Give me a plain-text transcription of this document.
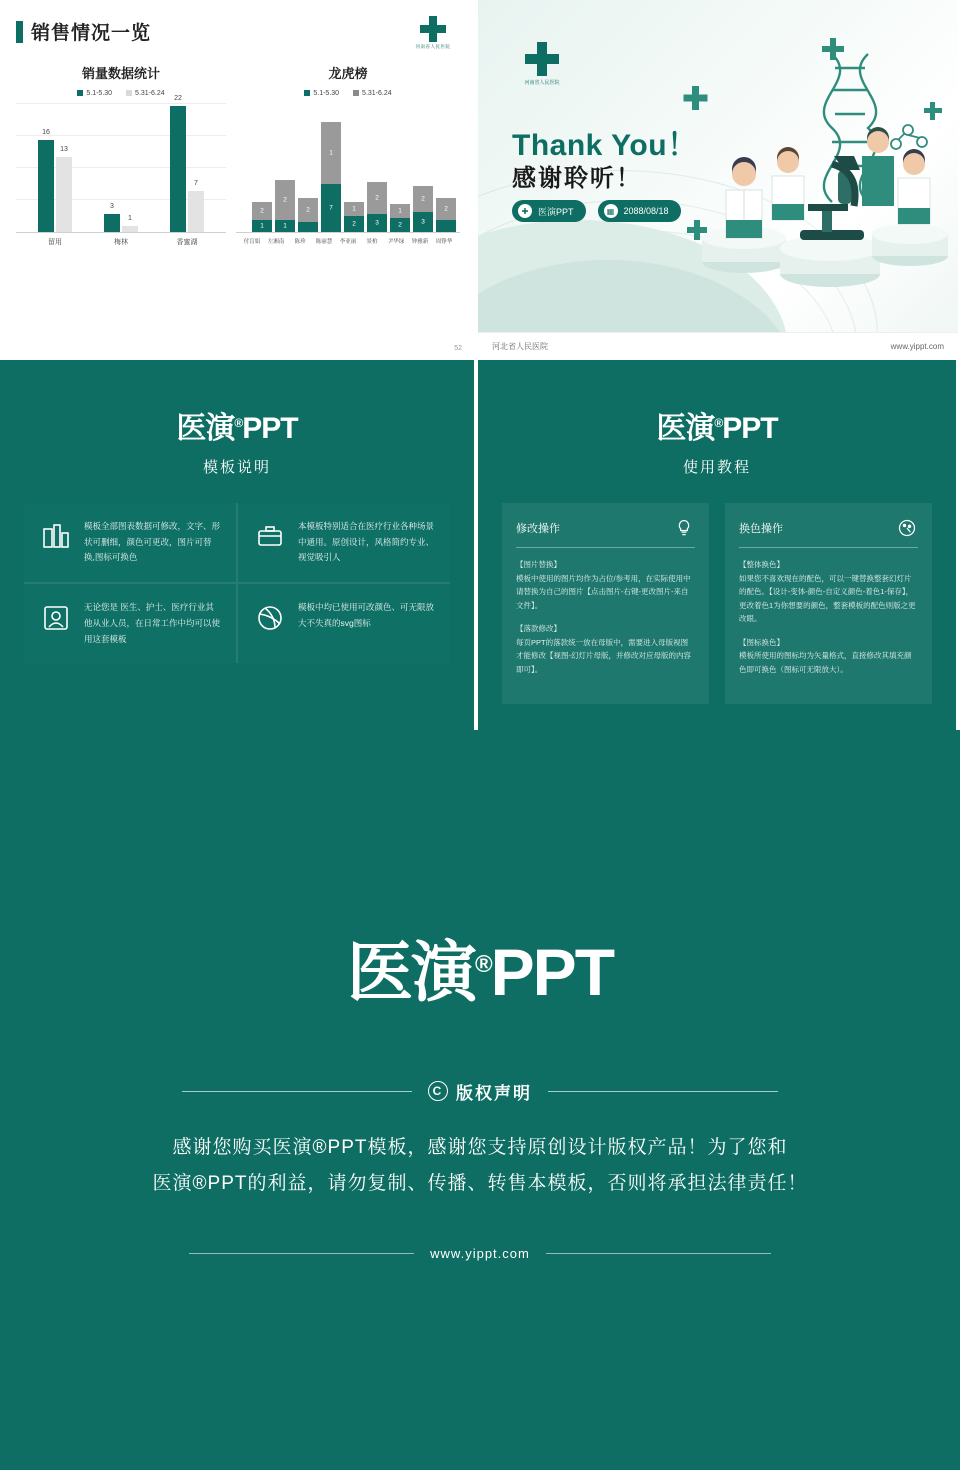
销售情况一览
河南省人民医院
销量数据统计
5.1-5.30	5.31-6.24
16
13
3
1
22
7
留用	梅林	香蜜湖
龙虎榜
5.1-5.30	5.31-6.24
2
1
2
1
2
1
7	1
2
2
3
1
2
2
3
2
付盲娟	左湘南	陈珍	陈丽慧	李亚丽	景柏	尹华绿	钟雅新	周铮华
52
河南省人民医院
Thank You！
感谢聆听！
✚	医演PPT	▦	2088/08/18
河北省人民医院	www.yippt.com
医演®PPT
模板说明
模板全部图表数据可修改，文字、形状可删细，颜色可更改，图片可替换,图标可换色
本模板特别适合在医疗行业各种场景中通用。原创设计，风格简约专业、视觉吸引人
无论您是 医生、护士、医疗行业其他从业人员，在日常工作中均可以使用这套模板
模板中均已使用可改颜色、可无限放大不失真的svg图标
医演®PPT
使用教程
修改操作
【图片替换】
模板中使用的图片均作为占位/参考用，在实际使用中请替换为自己的图片【点击图片-右键-更改图片-来自文件】。
【落款修改】
每页PPT的落款统一放在母版中，需要进入母版视图才能修改【视图-幻灯片母版，并修改对应母版的内容即可】。
换色操作
【整体换色】
如果您不喜欢现在的配色，可以一键替换整套幻灯片的配色。【设计-变体-颜色-自定义颜色-着色1-保存】，更改着色1为你想要的颜色，整套模板的配色则版之更改眼。
【图标换色】
模板所使用的图标均为矢量格式，直接修改其填充颜色即可换色（图标可无限放大）。
医演®PPT
C 版权声明
感谢您购买医演®PPT模板，感谢您支持原创设计版权产品！为了您和
医演®PPT的利益，请勿复制、传播、转售本模板，否则将承担法律责任！
www.yippt.com
